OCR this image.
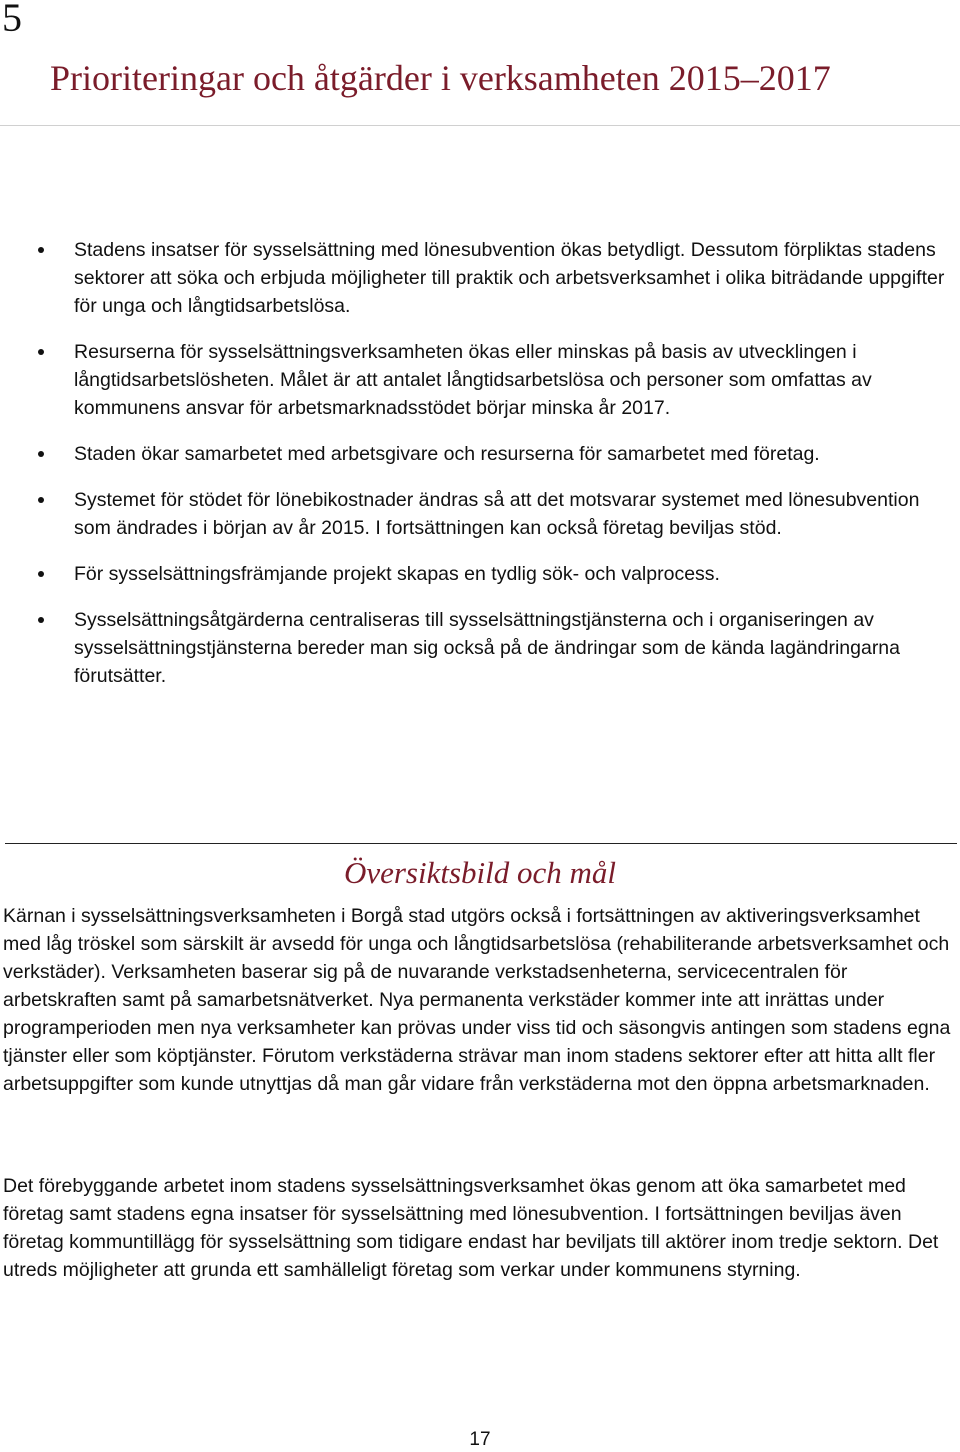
5
Prioriteringar och åtgärder i verksamheten 2015–2017
Stadens insatser för sysselsättning med lönesubvention ökas betydligt. Dessutom förpliktas stadens sektorer att söka och erbjuda möjligheter till praktik och arbetsverksamhet i olika biträdande uppgifter för unga och långtidsarbetslösa.
Resurserna för sysselsättningsverksamheten ökas eller minskas på basis av utvecklingen i långtidsarbetslösheten. Målet är att antalet långtidsarbetslösa och personer som omfattas av kommunens ansvar för arbetsmarknadsstödet börjar minska år 2017.
Staden ökar samarbetet med arbetsgivare och resurserna för samarbetet med företag.
Systemet för stödet för lönebikostnader ändras så att det motsvarar systemet med lönesubvention som ändrades i början av år 2015. I fortsättningen kan också företag beviljas stöd.
För sysselsättningsfrämjande projekt skapas en tydlig sök- och valprocess.
Sysselsättningsåtgärderna centraliseras till sysselsättningstjänsterna och i organiseringen av sysselsättningstjänsterna bereder man sig också på de ändringar som de kända lagändringarna förutsätter.
Översiktsbild och mål

Kärnan i sysselsättningsverksamheten i Borgå stad utgörs också i fortsättningen av aktiveringsverksamhet med låg tröskel som särskilt är avsedd för unga och långtidsarbetslösa (rehabiliterande arbetsverksamhet och verkstäder). Verksamheten baserar sig på de nuvarande verkstadsenheterna, servicecentralen för arbetskraften samt på samarbetsnätverket. Nya permanenta verkstäder kommer inte att inrättas under programperioden men nya verksamheter kan prövas under viss tid och säsongvis antingen som stadens egna tjänster eller som köptjänster. Förutom verkstäderna strävar man inom stadens sektorer efter att hitta allt fler arbetsuppgifter som kunde utnyttjas då man går vidare från verkstäderna mot den öppna arbetsmarknaden.

Det förebyggande arbetet inom stadens sysselsättningsverksamhet ökas genom att öka samarbetet med företag samt stadens egna insatser för sysselsättning med lönesubvention. I fortsättningen beviljas även företag kommuntillägg för sysselsättning som tidigare endast har beviljats till aktörer inom tredje sektorn. Det utreds möjligheter att grunda ett samhälleligt företag som verkar under kommunens styrning.

17
